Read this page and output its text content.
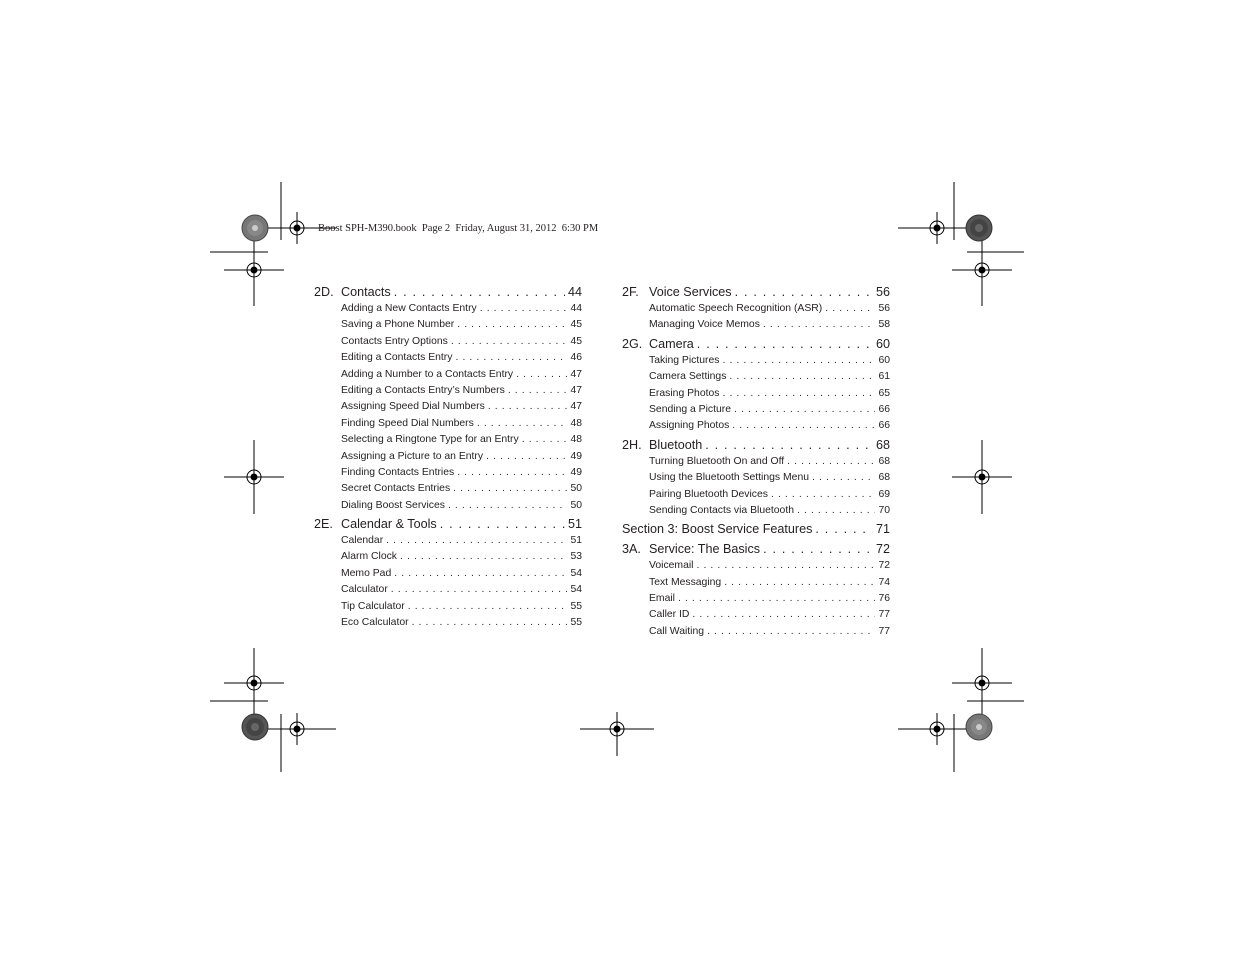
Boost SPH-M390.book  Page 2  Friday, August 31, 2012  6:30 PM
2D. Contacts . . .	44
Adding a New Contacts Entry . . .	44
Saving a Phone Number . . .	45
Contacts Entry Options . . .	45
Editing a Contacts Entry . . .	46
Adding a Number to a Contacts Entry . . .	47
Editing a Contacts Entry’s Numbers . . .	47
Assigning Speed Dial Numbers . . .	47
Finding Speed Dial Numbers . . .	48
Selecting a Ringtone Type for an Entry . . .	48
Assigning a Picture to an Entry . . .	49
Finding Contacts Entries . . .	49
Secret Contacts Entries . . .	50
Dialing Boost Services . . .	50
2E. Calendar & Tools . . .	51
Calendar . . .	51
Alarm Clock . . .	53
Memo Pad . . .	54
Calculator . . .	54
Tip Calculator . . .	55
Eco Calculator . . .	55
2F. Voice Services . . .	56
Automatic Speech Recognition (ASR) . . .	56
Managing Voice Memos . . .	58
2G. Camera . . .	60
Taking Pictures . . .	60
Camera Settings . . .	61
Erasing Photos . . .	65
Sending a Picture . . .	66
Assigning Photos . . .	66
2H. Bluetooth . . .	68
Turning Bluetooth On and Off . . .	68
Using the Bluetooth Settings Menu . . .	68
Pairing Bluetooth Devices . . .	69
Sending Contacts via Bluetooth . . .	70
Section 3: Boost Service Features . . .	71
3A. Service: The Basics . . .	72
Voicemail . . .	72
Text Messaging . . .	74
Email . . .	76
Caller ID . . .	77
Call Waiting . . .	77
